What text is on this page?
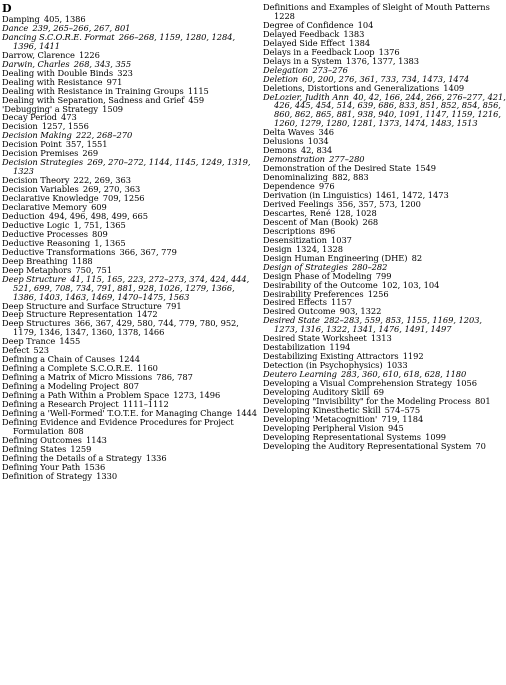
D
Damping  405, 1386
Dance  239, 265–266, 267, 801
Dancing S.C.O.R.E. Format  266–268, 1159, 1280, 1284, 1396, 1411
Darrow, Clarence  1226
Darwin, Charles  268, 343, 355
Dealing with Double Binds  323
Dealing with Resistance  971
Dealing with Resistance in Training Groups  1115
Dealing with Separation, Sadness and Grief  459
'Debugging' a Strategy  1509
Decay Period  473
Decision  1257, 1556
Decision Making  222, 268–270
Decision Point  357, 1551
Decision Premises  269
Decision Strategies  269, 270–272, 1144, 1145, 1249, 1319, 1323
Decision Theory  222, 269, 363
Decision Variables  269, 270, 363
Declarative Knowledge  709, 1256
Declarative Memory  609
Deduction  494, 496, 498, 499, 665
Deductive Logic  1, 751, 1365
Deductive Processes  809
Deductive Reasoning  1, 1365
Deductive Transformations  366, 367, 779
Deep Breathing  1188
Deep Metaphors  750, 751
Deep Structure  41, 115, 165, 223, 272–273, 374, 424, 444, 521, 699, 708, 734, 791, 881, 928, 1026, 1279, 1366, 1386, 1403, 1463, 1469, 1470–1475, 1563
Deep Structure and Surface Structure  791
Deep Structure Representation  1472
Deep Structures  366, 367, 429, 580, 744, 779, 780, 952, 1179, 1346, 1347, 1360, 1378, 1466
Deep Trance  1455
Defect  523
Defining a Chain of Causes  1244
Defining a Complete S.C.O.R.E.  1160
Defining a Matrix of Micro Missions  786, 787
Defining a Modeling Project  807
Defining a Path Within a Problem Space  1273, 1496
Defining a Research Project  1111–1112
Defining a 'Well-Formed' T.O.T.E. for Managing Change  1444
Defining Evidence and Evidence Procedures for Project Formulation  808
Defining Outcomes  1143
Defining States  1259
Defining the Details of a Strategy  1336
Defining Your Path  1536
Definition of Strategy  1330
Definitions and Examples of Sleight of Mouth Patterns 1228
Degree of Confidence  104
Delayed Feedback  1383
Delayed Side Effect  1384
Delays in a Feedback Loop  1376
Delays in a System  1376, 1377, 1383
Delegation  273–276
Deletion  60, 200, 276, 361, 733, 734, 1473, 1474
Deletions, Distortions and Generalizations  1409
DeLozier, Judith Ann  40, 42, 166, 244, 266, 276–277, 421, 426, 445, 454, 514, 639, 686, 833, 851, 852, 854, 856, 860, 862, 865, 881, 938, 940, 1091, 1147, 1159, 1216, 1260, 1279, 1280, 1281, 1373, 1474, 1483, 1513
Delta Waves  346
Delusions  1034
Demons  42, 834
Demonstration  277–280
Demonstration of the Desired State  1549
Denominalizing  882, 883
Dependence  976
Derivation (in Linguistics)  1461, 1472, 1473
Derived Feelings  356, 357, 573, 1200
Descartes, René  128, 1028
Descent of Man (Book)  268
Descriptions  896
Desensitization  1037
Design  1324, 1328
Design Human Engineering (DHE)  82
Design of Strategies  280–282
Design Phase of Modeling  799
Desirability of the Outcome  102, 103, 104
Desirability Preferences  1256
Desired Effects  1157
Desired Outcome  903, 1322
Desired State  282–283, 559, 853, 1155, 1169, 1203, 1273, 1316, 1322, 1341, 1476, 1491, 1497
Desired State Worksheet  1313
Destabilization  1194
Destabilizing Existing Attractors  1192
Detection (in Psychophysics)  1033
Deutero Learning  283, 360, 610, 618, 628, 1180
Developing a Visual Comprehension Strategy  1056
Developing Auditory Skill  69
Developing "Invisibility" for the Modeling Process  801
Developing Kinesthetic Skill  574–575
Developing 'Metacognition'  719, 1184
Developing Peripheral Vision  945
Developing Representational Systems  1099
Developing the Auditory Representational System  70
